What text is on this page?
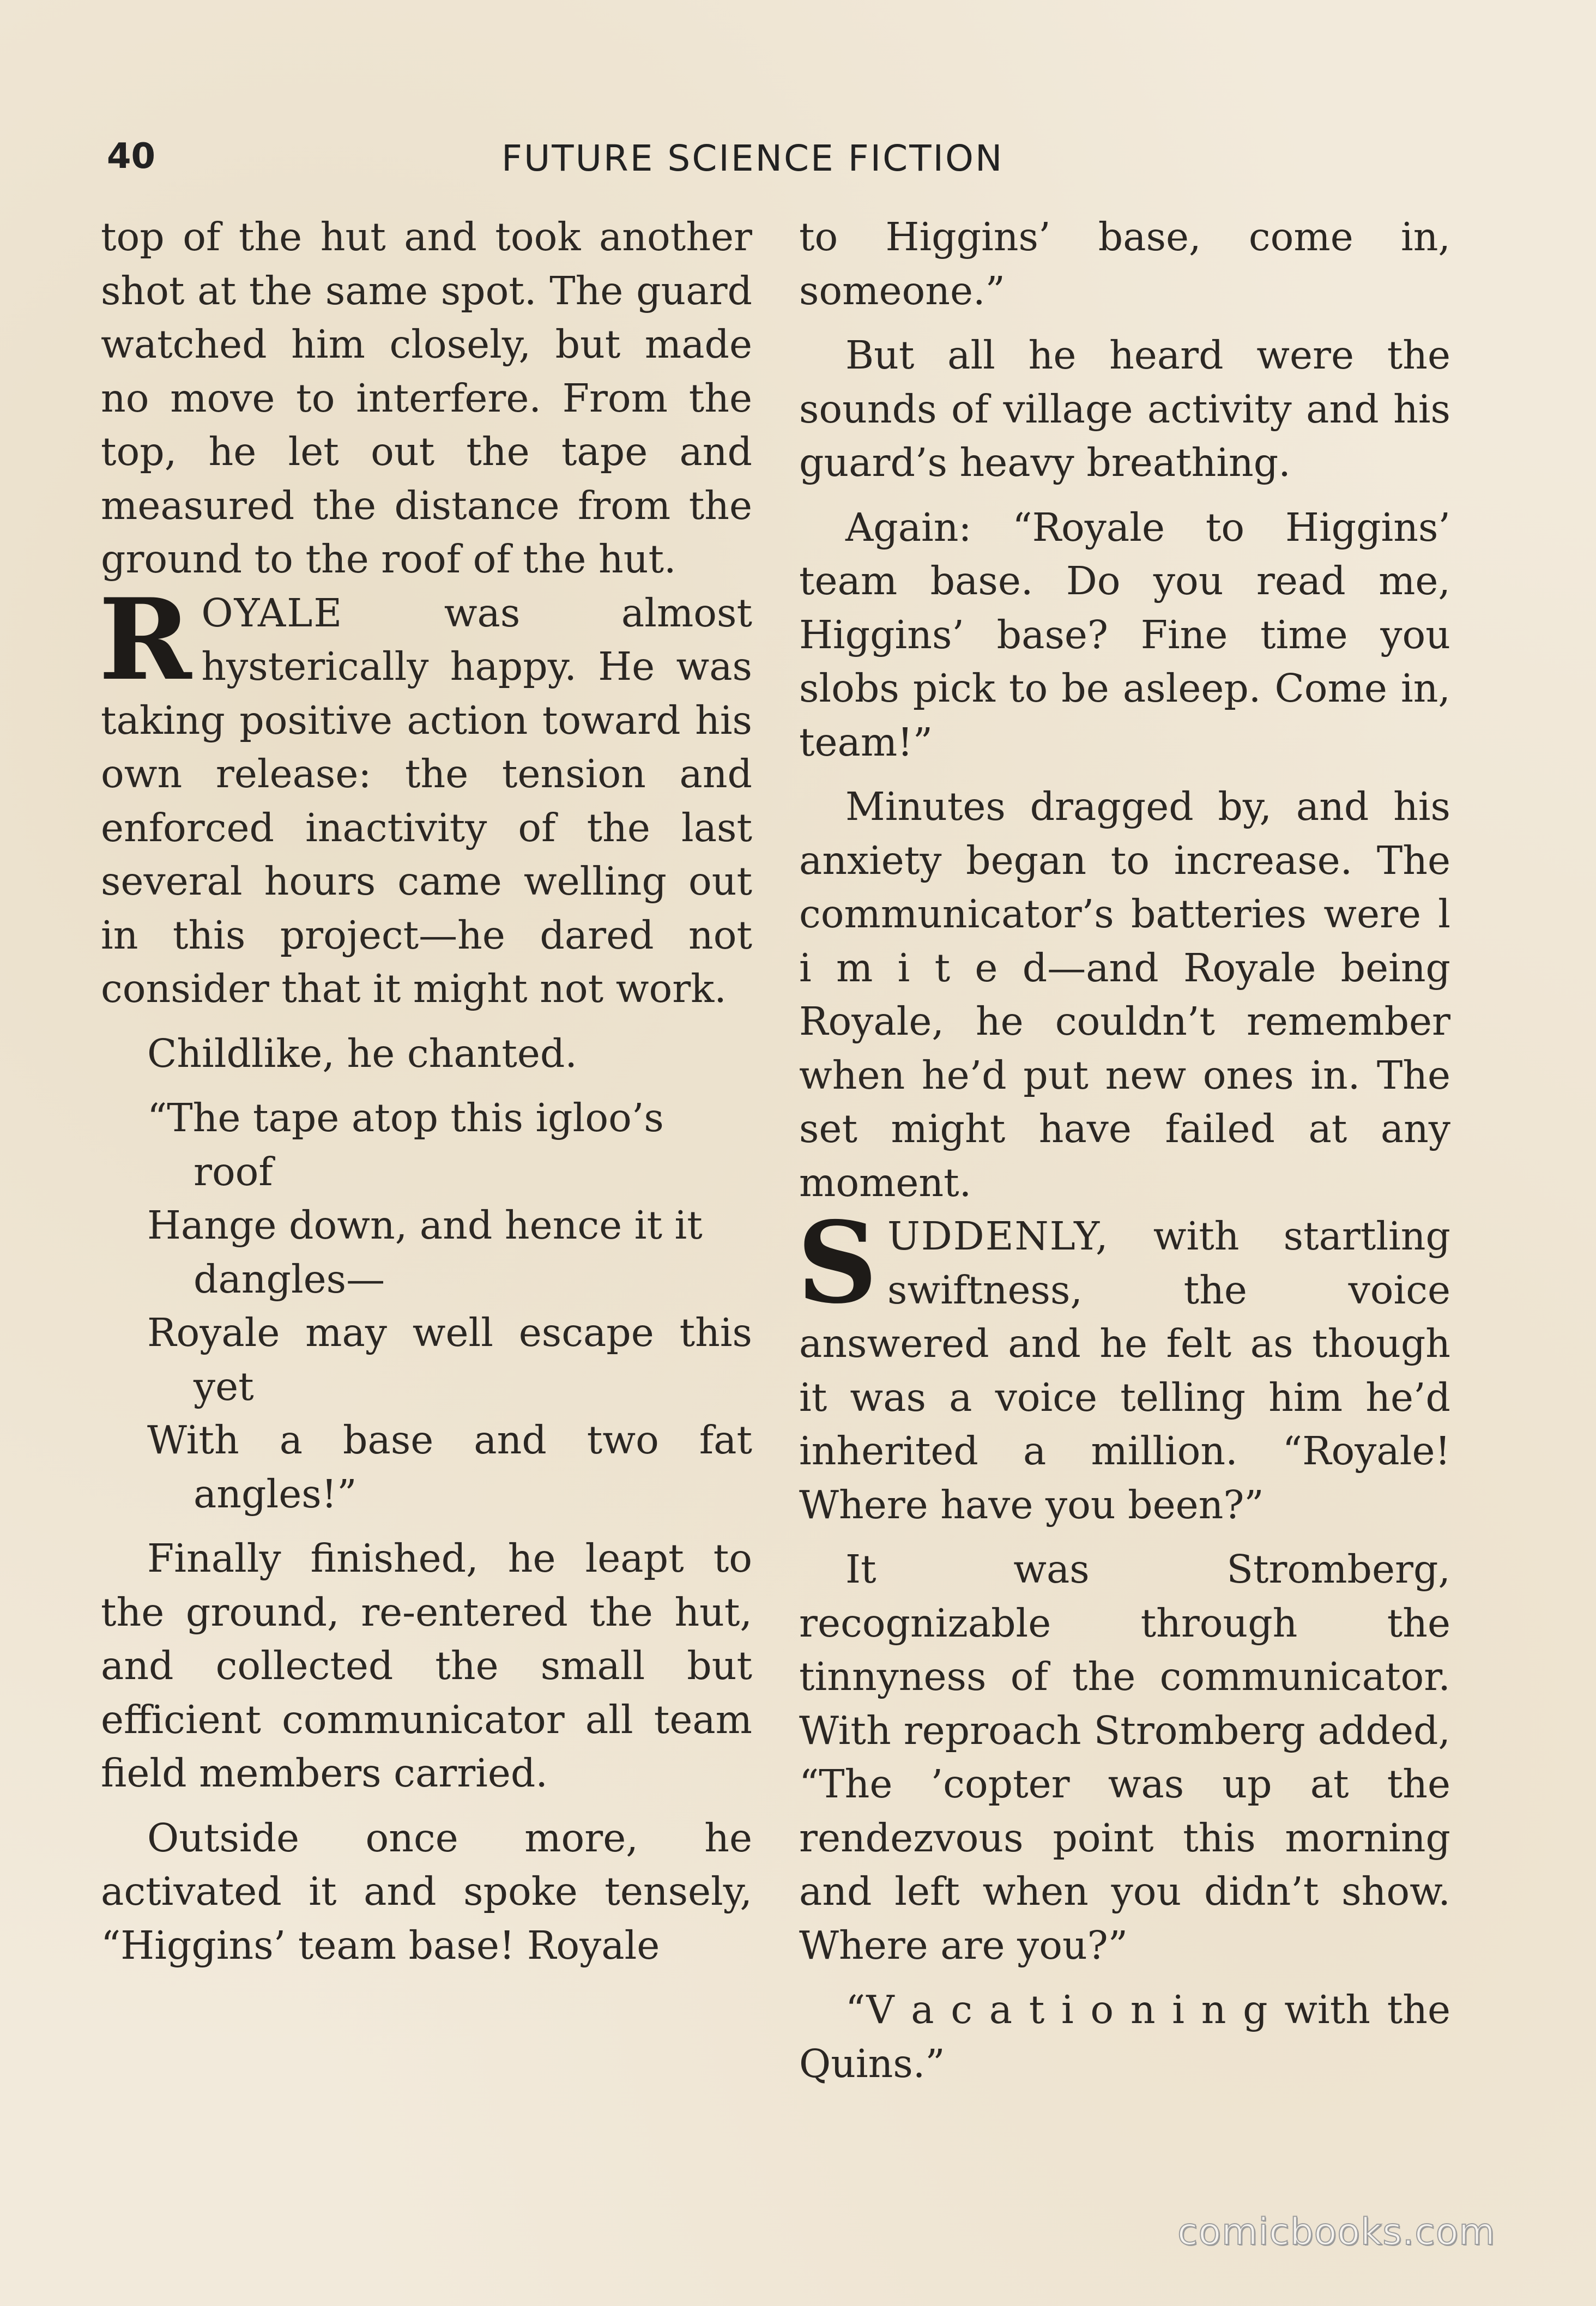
40	FUTURE SCIENCE FICTION

top of the hut and took another shot at the same spot. The guard watched him closely, but made no move to interfere. From the top, he let out the tape and measured the distance from the ground to the roof of the hut.

ROYALE was almost hysterically happy. He was taking positive action toward his own release: the tension and enforced inactivity of the last several hours came welling out in this project—he dared not consider that it might not work.

Childlike, he chanted.

“The tape atop this igloo’s roof

Hange down, and hence it it dangles—

Royale may well escape this yet

With a base and two fat angles!”

Finally finished, he leapt to the ground, re-entered the hut, and collected the small but efficient communicator all team field members carried.

Outside once more, he activated it and spoke tensely, “Higgins’ team base! Royale

to Higgins’ base, come in, someone.”

But all he heard were the sounds of village activity and his guard’s heavy breathing.

Again: “Royale to Higgins’ team base. Do you read me, Higgins’ base? Fine time you slobs pick to be asleep. Come in, team!”

Minutes dragged by, and his anxiety began to increase. The communicator’s batteries were l i m i t e d—and Royale being Royale, he couldn’t remember when he’d put new ones in. The set might have failed at any moment.

SUDDENLY, with startling swiftness, the voice answered and he felt as though it was a voice telling him he’d inherited a million. “Royale! Where have you been?”

It was Stromberg, recognizable through the tinnyness of the communicator. With reproach Stromberg added, “The ’copter was up at the rendezvous point this morning and left when you didn’t show. Where are you?”

“V a c a t i o n i n g with the Quins.”

comicbooks.com
